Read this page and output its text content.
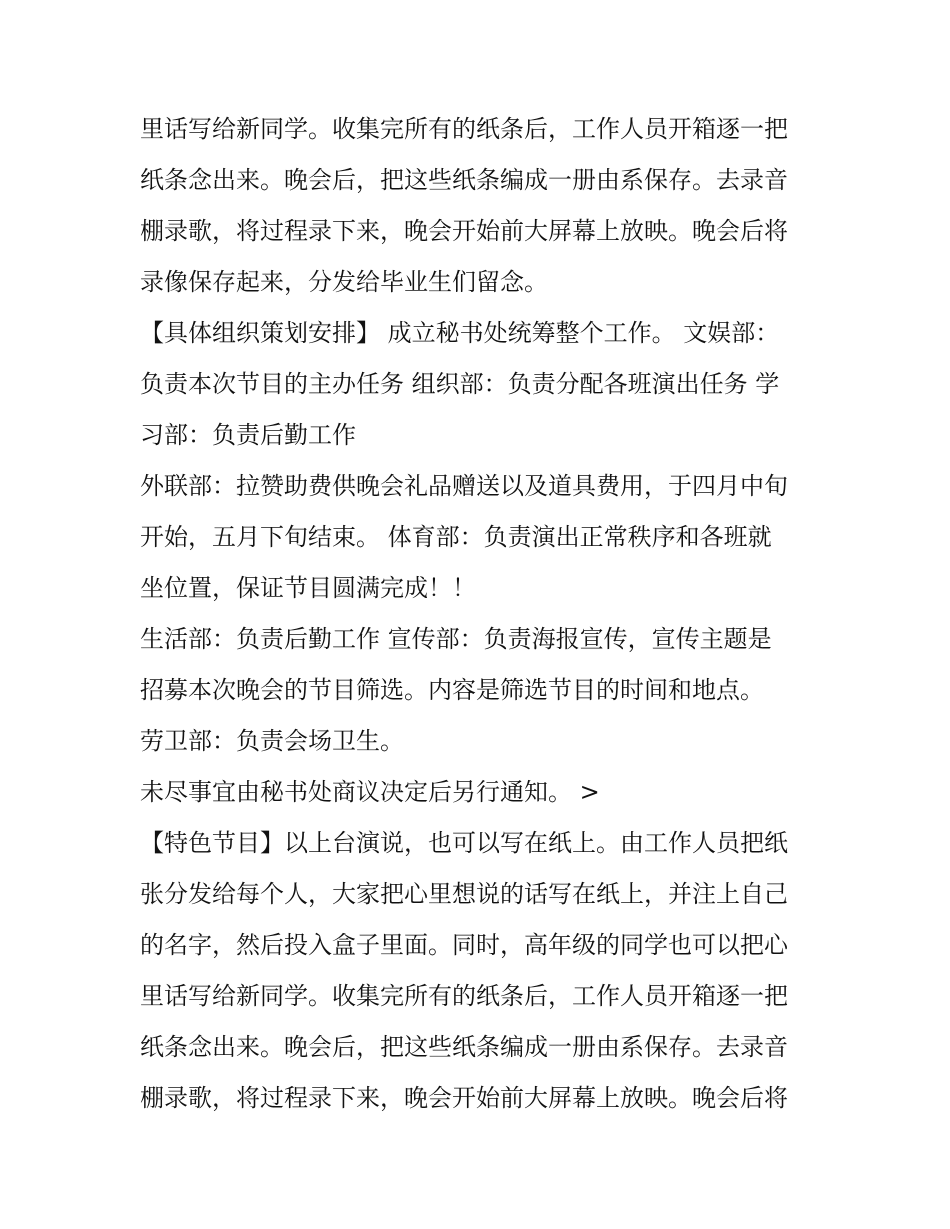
里话写给新同学。收集完所有的纸条后，工作人员开箱逐一把
纸条念出来。晚会后，把这些纸条编成一册由系保存。去录音
棚录歌，将过程录下来，晚会开始前大屏幕上放映。晚会后将
录像保存起来，分发给毕业生们留念。
【具体组织策划安排】 成立秘书处统筹整个工作。 文娱部：
负责本次节目的主办任务 组织部：负责分配各班演出任务 学
习部：负责后勤工作
外联部：拉赞助费供晚会礼品赠送以及道具费用，于四月中旬
开始，五月下旬结束。 体育部：负责演出正常秩序和各班就
坐位置，保证节目圆满完成！！
生活部：负责后勤工作 宣传部：负责海报宣传，宣传主题是
招募本次晚会的节目筛选。内容是筛选节目的时间和地点。
劳卫部：负责会场卫生。
未尽事宜由秘书处商议决定后另行通知。 >
【特色节目】以上台演说，也可以写在纸上。由工作人员把纸
张分发给每个人，大家把心里想说的话写在纸上，并注上自己
的名字，然后投入盒子里面。同时，高年级的同学也可以把心
里话写给新同学。收集完所有的纸条后，工作人员开箱逐一把
纸条念出来。晚会后，把这些纸条编成一册由系保存。去录音
棚录歌，将过程录下来，晚会开始前大屏幕上放映。晚会后将
